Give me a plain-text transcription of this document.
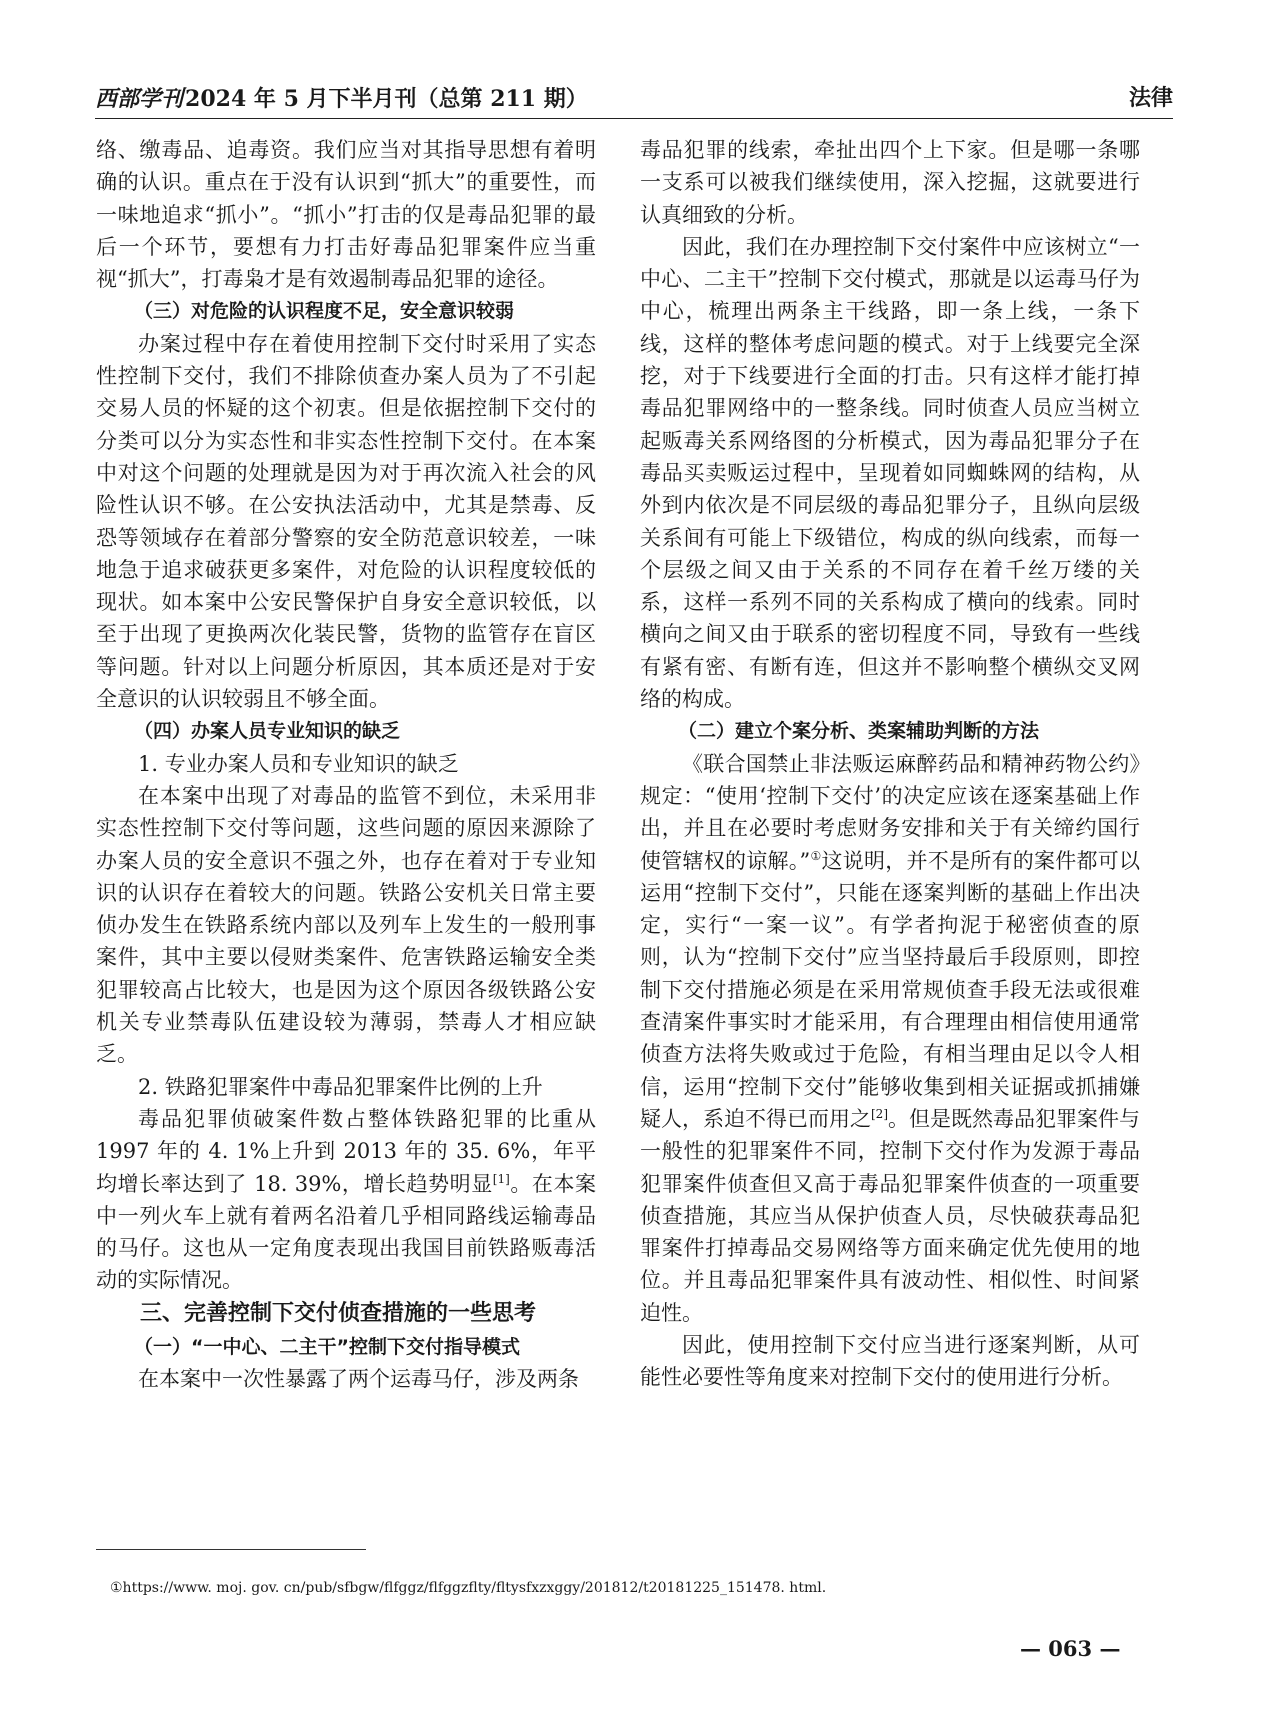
西部学刊2024 年 5 月下半月刊（总第 211 期）	法律

络、缴毒品、追毒资。我们应当对其指导思想有着明确的认识。重点在于没有认识到“抓大”的重要性，而一味地追求“抓小”。“抓小”打击的仅是毒品犯罪的最后一个环节，要想有力打击好毒品犯罪案件应当重视“抓大”，打毒枭才是有效遏制毒品犯罪的途径。

（三）对危险的认识程度不足，安全意识较弱

办案过程中存在着使用控制下交付时采用了实态性控制下交付，我们不排除侦查办案人员为了不引起交易人员的怀疑的这个初衷。但是依据控制下交付的分类可以分为实态性和非实态性控制下交付。在本案中对这个问题的处理就是因为对于再次流入社会的风险性认识不够。在公安执法活动中，尤其是禁毒、反恐等领域存在着部分警察的安全防范意识较差，一味地急于追求破获更多案件，对危险的认识程度较低的现状。如本案中公安民警保护自身安全意识较低，以至于出现了更换两次化装民警，货物的监管存在盲区等问题。针对以上问题分析原因，其本质还是对于安全意识的认识较弱且不够全面。

（四）办案人员专业知识的缺乏

1. 专业办案人员和专业知识的缺乏

在本案中出现了对毒品的监管不到位，未采用非实态性控制下交付等问题，这些问题的原因来源除了办案人员的安全意识不强之外，也存在着对于专业知识的认识存在着较大的问题。铁路公安机关日常主要侦办发生在铁路系统内部以及列车上发生的一般刑事案件，其中主要以侵财类案件、危害铁路运输安全类犯罪较高占比较大，也是因为这个原因各级铁路公安机关专业禁毒队伍建设较为薄弱，禁毒人才相应缺乏。

2. 铁路犯罪案件中毒品犯罪案件比例的上升

毒品犯罪侦破案件数占整体铁路犯罪的比重从 1997 年的 4. 1%上升到 2013 年的 35. 6%，年平均增长率达到了 18. 39%，增长趋势明显[1]。在本案中一列火车上就有着两名沿着几乎相同路线运输毒品的马仔。这也从一定角度表现出我国目前铁路贩毒活动的实际情况。

三、完善控制下交付侦查措施的一些思考

（一）“一中心、二主干”控制下交付指导模式

在本案中一次性暴露了两个运毒马仔，涉及两条

毒品犯罪的线索，牵扯出四个上下家。但是哪一条哪一支系可以被我们继续使用，深入挖掘，这就要进行认真细致的分析。

因此，我们在办理控制下交付案件中应该树立“一中心、二主干”控制下交付模式，那就是以运毒马仔为中心，梳理出两条主干线路，即一条上线，一条下线，这样的整体考虑问题的模式。对于上线要完全深挖，对于下线要进行全面的打击。只有这样才能打掉毒品犯罪网络中的一整条线。同时侦查人员应当树立起贩毒关系网络图的分析模式，因为毒品犯罪分子在毒品买卖贩运过程中，呈现着如同蜘蛛网的结构，从外到内依次是不同层级的毒品犯罪分子，且纵向层级关系间有可能上下级错位，构成的纵向线索，而每一个层级之间又由于关系的不同存在着千丝万缕的关系，这样一系列不同的关系构成了横向的线索。同时横向之间又由于联系的密切程度不同，导致有一些线有紧有密、有断有连，但这并不影响整个横纵交叉网络的构成。

（二）建立个案分析、类案辅助判断的方法

《联合国禁止非法贩运麻醉药品和精神药物公约》规定：“使用‘控制下交付’的决定应该在逐案基础上作出，并且在必要时考虑财务安排和关于有关缔约国行使管辖权的谅解。”①这说明，并不是所有的案件都可以运用“控制下交付”，只能在逐案判断的基础上作出决定，实行“一案一议”。有学者拘泥于秘密侦查的原则，认为“控制下交付”应当坚持最后手段原则，即控制下交付措施必须是在采用常规侦查手段无法或很难查清案件事实时才能采用，有合理理由相信使用通常侦查方法将失败或过于危险，有相当理由足以令人相信，运用“控制下交付”能够收集到相关证据或抓捕嫌疑人，系迫不得已而用之[2]。但是既然毒品犯罪案件与一般性的犯罪案件不同，控制下交付作为发源于毒品犯罪案件侦查但又高于毒品犯罪案件侦查的一项重要侦查措施，其应当从保护侦查人员，尽快破获毒品犯罪案件打掉毒品交易网络等方面来确定优先使用的地位。并且毒品犯罪案件具有波动性、相似性、时间紧迫性。

因此，使用控制下交付应当进行逐案判断，从可能性必要性等角度来对控制下交付的使用进行分析。

①https://www. moj. gov. cn/pub/sfbgw/flfggz/flfggzflty/fltysfxzxggy/201812/t20181225_151478. html.
— 063 —
